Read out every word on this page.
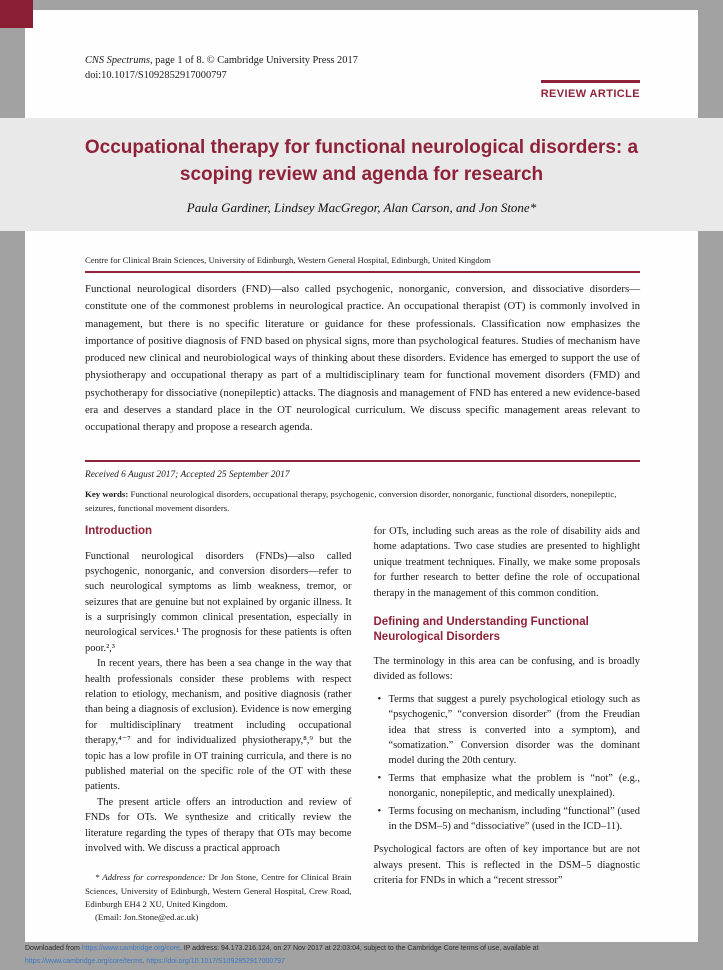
CNS Spectrums, page 1 of 8. © Cambridge University Press 2017
doi:10.1017/S1092852917000797
REVIEW ARTICLE
Centre for Clinical Brain Sciences, University of Edinburgh, Western General Hospital, Edinburgh, United Kingdom

Functional neurological disorders (FND)—also called psychogenic, nonorganic, conversion, and dissociative disorders—constitute one of the commonest problems in neurological practice. An occupational therapist (OT) is commonly involved in management, but there is no specific literature or guidance for these professionals. Classification now emphasizes the importance of positive diagnosis of FND based on physical signs, more than psychological features. Studies of mechanism have produced new clinical and neurobiological ways of thinking about these disorders. Evidence has emerged to support the use of physiotherapy and occupational therapy as part of a multidisciplinary team for functional movement disorders (FMD) and psychotherapy for dissociative (nonepileptic) attacks. The diagnosis and management of FND has entered a new evidence-based era and deserves a standard place in the OT neurological curriculum. We discuss specific management areas relevant to occupational therapy and propose a research agenda.

Received 6 August 2017; Accepted 25 September 2017
Key words: Functional neurological disorders, occupational therapy, psychogenic, conversion disorder, nonorganic, functional disorders, nonepileptic, seizures, functional movement disorders.
Introduction

Functional neurological disorders (FNDs)—also called psychogenic, nonorganic, and conversion disorders—refer to such neurological symptoms as limb weakness, tremor, or seizures that are genuine but not explained by organic illness. It is a surprisingly common clinical presentation, especially in neurological services.¹ The prognosis for these patients is often poor.²,³

In recent years, there has been a sea change in the way that health professionals consider these problems with respect relation to etiology, mechanism, and positive diagnosis (rather than being a diagnosis of exclusion). Evidence is now emerging for multidisciplinary treatment including occupational therapy,⁴⁻⁷ and for individualized physiotherapy,⁸,⁹ but the topic has a low profile in OT training curricula, and there is no published material on the specific role of the OT with these patients.

The present article offers an introduction and review of FNDs for OTs. We synthesize and critically review the literature regarding the types of therapy that OTs may become involved with. We discuss a practical approach

* Address for correspondence: Dr Jon Stone, Centre for Clinical Brain Sciences, University of Edinburgh, Western General Hospital, Crew Road, Edinburgh EH4 2 XU, United Kingdom.
(Email: Jon.Stone@ed.ac.uk)

for OTs, including such areas as the role of disability aids and home adaptations. Two case studies are presented to highlight unique treatment techniques. Finally, we make some proposals for further research to better define the role of occupational therapy in the management of this common condition.

Defining and Understanding Functional Neurological Disorders

The terminology in this area can be confusing, and is broadly divided as follows:

• Terms that suggest a purely psychological etiology such as “psychogenic,” “conversion disorder” (from the Freudian idea that stress is converted into a symptom), and “somatization.” Conversion disorder was the dominant model during the 20th century.
• Terms that emphasize what the problem is “not” (e.g., nonorganic, nonepileptic, and medically unexplained).
• Terms focusing on mechanism, including “functional” (used in the DSM–5) and “dissociative” (used in the ICD–11).

Psychological factors are often of key importance but are not always present. This is reflected in the DSM–5 diagnostic criteria for FNDs in which a “recent stressor”

Occupational therapy for functional neurological disorders: a scoping review and agenda for research
Paula Gardiner, Lindsey MacGregor, Alan Carson, and Jon Stone*
Downloaded from https://www.cambridge.org/core. IP address: 94.173.216.124, on 27 Nov 2017 at 22:03:04, subject to the Cambridge Core terms of use, available at
https://www.cambridge.org/core/terms. https://doi.org/10.1017/S1092852917000797
